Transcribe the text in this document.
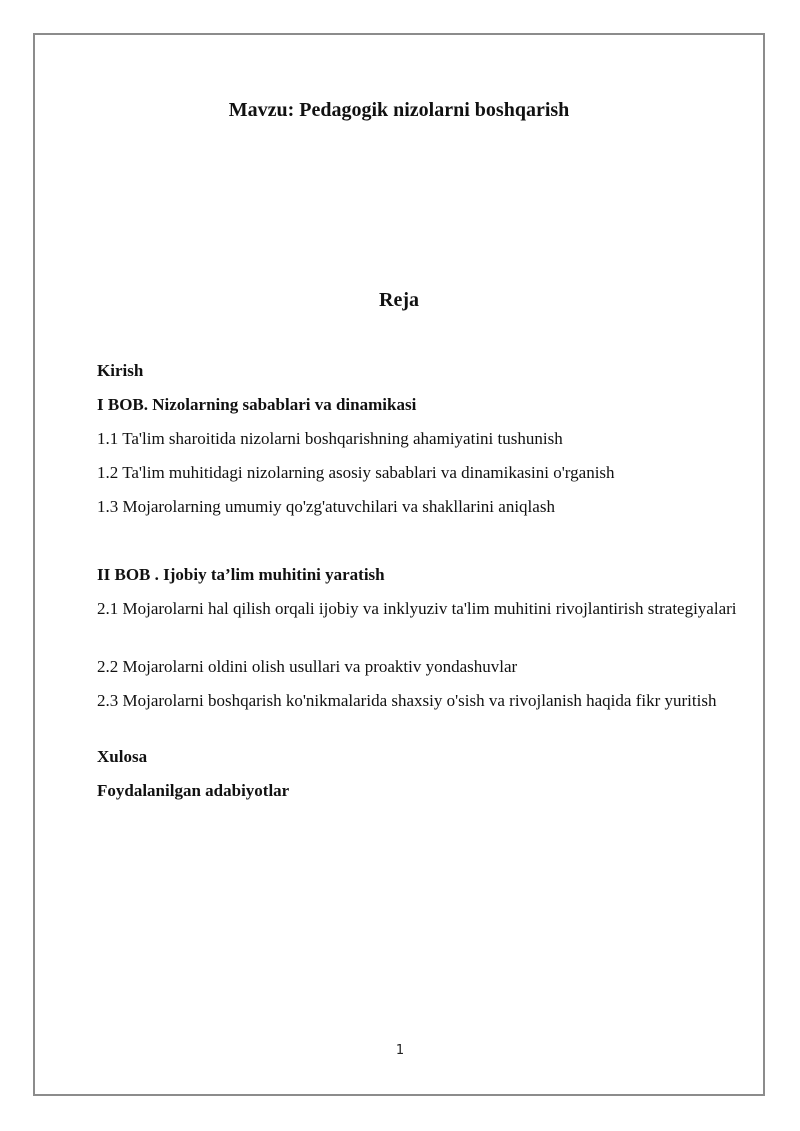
Mavzu: Pedagogik nizolarni boshqarish
Reja

Kirish

I BOB. Nizolarning sabablari va dinamikasi

1.1 Ta'lim sharoitida nizolarni boshqarishning ahamiyatini tushunish

1.2 Ta'lim muhitidagi nizolarning asosiy sabablari va dinamikasini o'rganish

1.3 Mojarolarning umumiy qo'zg'atuvchilari va shakllarini aniqlash

II BOB . Ijobiy ta’lim muhitini yaratish

2.1 Mojarolarni hal qilish orqali ijobiy va inklyuziv ta'lim muhitini rivojlantirish strategiyalari

2.2 Mojarolarni oldini olish usullari va proaktiv yondashuvlar

2.3 Mojarolarni boshqarish ko'nikmalarida shaxsiy o'sish va rivojlanish haqida fikr yuritish

Xulosa

Foydalanilgan adabiyotlar

1
